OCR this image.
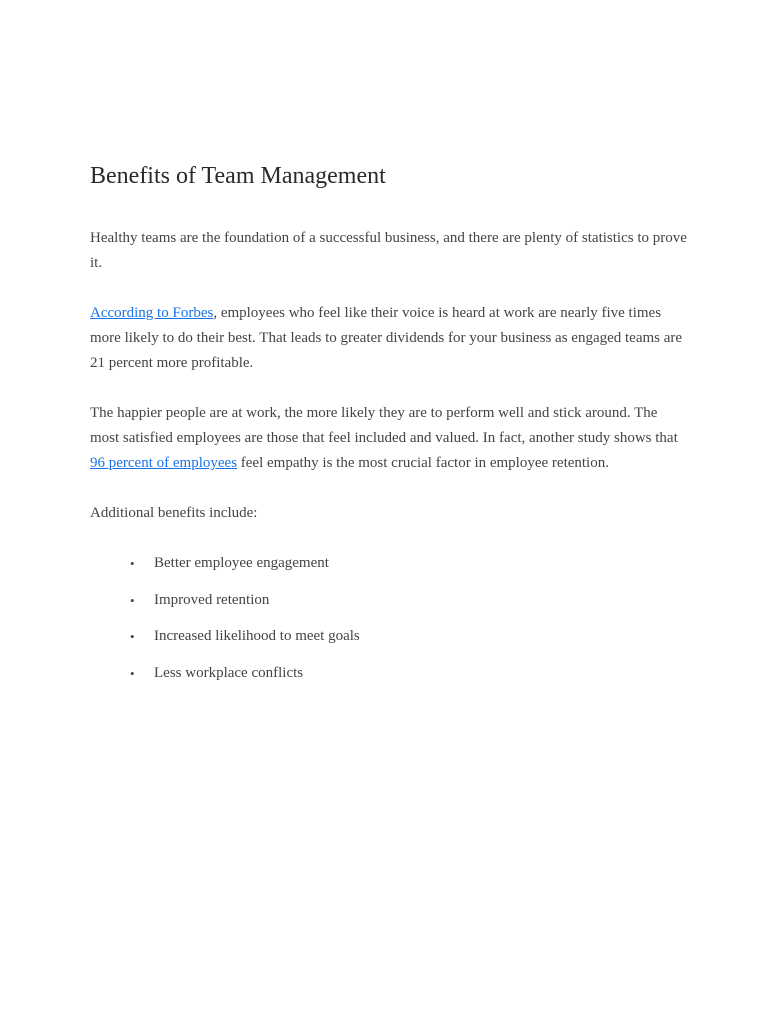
Benefits of Team Management

Healthy teams are the foundation of a successful business, and there are plenty of statistics to prove it.

According to Forbes, employees who feel like their voice is heard at work are nearly five times more likely to do their best. That leads to greater dividends for your business as engaged teams are 21 percent more profitable.

The happier people are at work, the more likely they are to perform well and stick around. The most satisfied employees are those that feel included and valued. In fact, another study shows that 96 percent of employees feel empathy is the most crucial factor in employee retention.

Additional benefits include:

• Better employee engagement
• Improved retention
• Increased likelihood to meet goals
• Less workplace conflicts
